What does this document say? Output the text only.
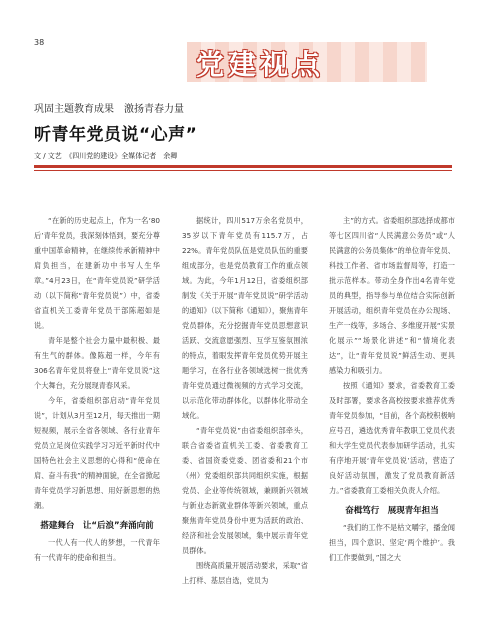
38
党建视点
巩固主题教育成果　激扬青春力量
听青年党员说“心声”
文 / 文艺　《四川党的建设》全媒体记者　余卿

“在新的历史起点上，作为一名‘80后’青年党员，我深刻体悟到，要充分尊重中国革命精神，在继续传承新精神中肩负担当，在建新功中书写人生华章。”4月23日，在“青年党员说”研学活动（以下简称“青年党员说”）中，省委省直机关工委青年党员干部陈超如是说。

青年是整个社会力量中最积极、最有生气的群体。像陈超一样，今年有306名青年党员将登上“青年党员说”这个大舞台，充分展现青春风采。

今年，省委组织部启动“青年党员说”，计划从3月至12月，每天推出一期短视频，展示全省各领域、各行业青年党员立足岗位实践学习习近平新时代中国特色社会主义思想的心得和“使命在肩、奋斗有我”的精神面貌，在全省掀起青年党员学习新思想、用好新思想的热潮。

搭建舞台　让“后浪”奔涌向前

一代人有一代人的梦想，一代青年有一代青年的使命和担当。

据统计，四川517万余名党员中，35岁以下青年党员有115.7万，占22%。青年党员队伍是党员队伍的重要组成部分，也是党员教育工作的重点领域。为此，今年1月12日，省委组织部制发《关于开展“青年党员说”研学活动的通知》（以下简称《通知》），聚焦青年党员群体，充分挖掘青年党员思想意识活跃、交流意愿强烈、互学互鉴氛围浓的特点，着眼发挥青年党员优势开展主题学习，在各行业各领域选树一批优秀青年党员通过微视频的方式学习交流，以示范化带动群体化，以群体化带动全域化。

“青年党员说”由省委组织部牵头，联合省委省直机关工委、省委教育工委、省国资委党委、团省委和21个市（州）党委组织部共同组织实施，根据党员、企业等传统领域，兼顾新兴领域与新业态新就业群体等新兴领域，重点聚焦青年党员身份中更为活跃的政治、经济和社会发展领域，集中展示青年党员群体。

围绕高质量开展活动要求，采取“省上打样、基层自选，党员为

主”的方式。省委组织部选择成都市等七区四川省“人民满意公务员”或“人民满意的公务员集体”的单位青年党员、科技工作者、省市场监督局等，打造一批示范样本。带动全身作出4名青年党员的典型，指导参与单位结合实际创新开展活动，组织青年党员在办公现场、生产一线等，多场合、多维度开展“实景化展示”“场景化讲述”和“情境化表达”，让“青年党员说”鲜活生动、更具感染力和吸引力。

按照《通知》要求，省委教育工委及时部署，要求各高校按要求推荐优秀青年党员参加，“目前，各个高校积极响应号召，遴选优秀青年教职工党员代表和大学生党员代表参加研学活动，扎实有序地开展‘青年党员说’活动，营造了良好活动氛围，激发了党员教育新活力。”省委教育工委相关负责人介绍。

奋楫笃行　展现青年担当

“我们的工作不是枯文嚼字，播金闻担当，四个意识、坚定‘两个维护’。我们工作要做到，”国之大
